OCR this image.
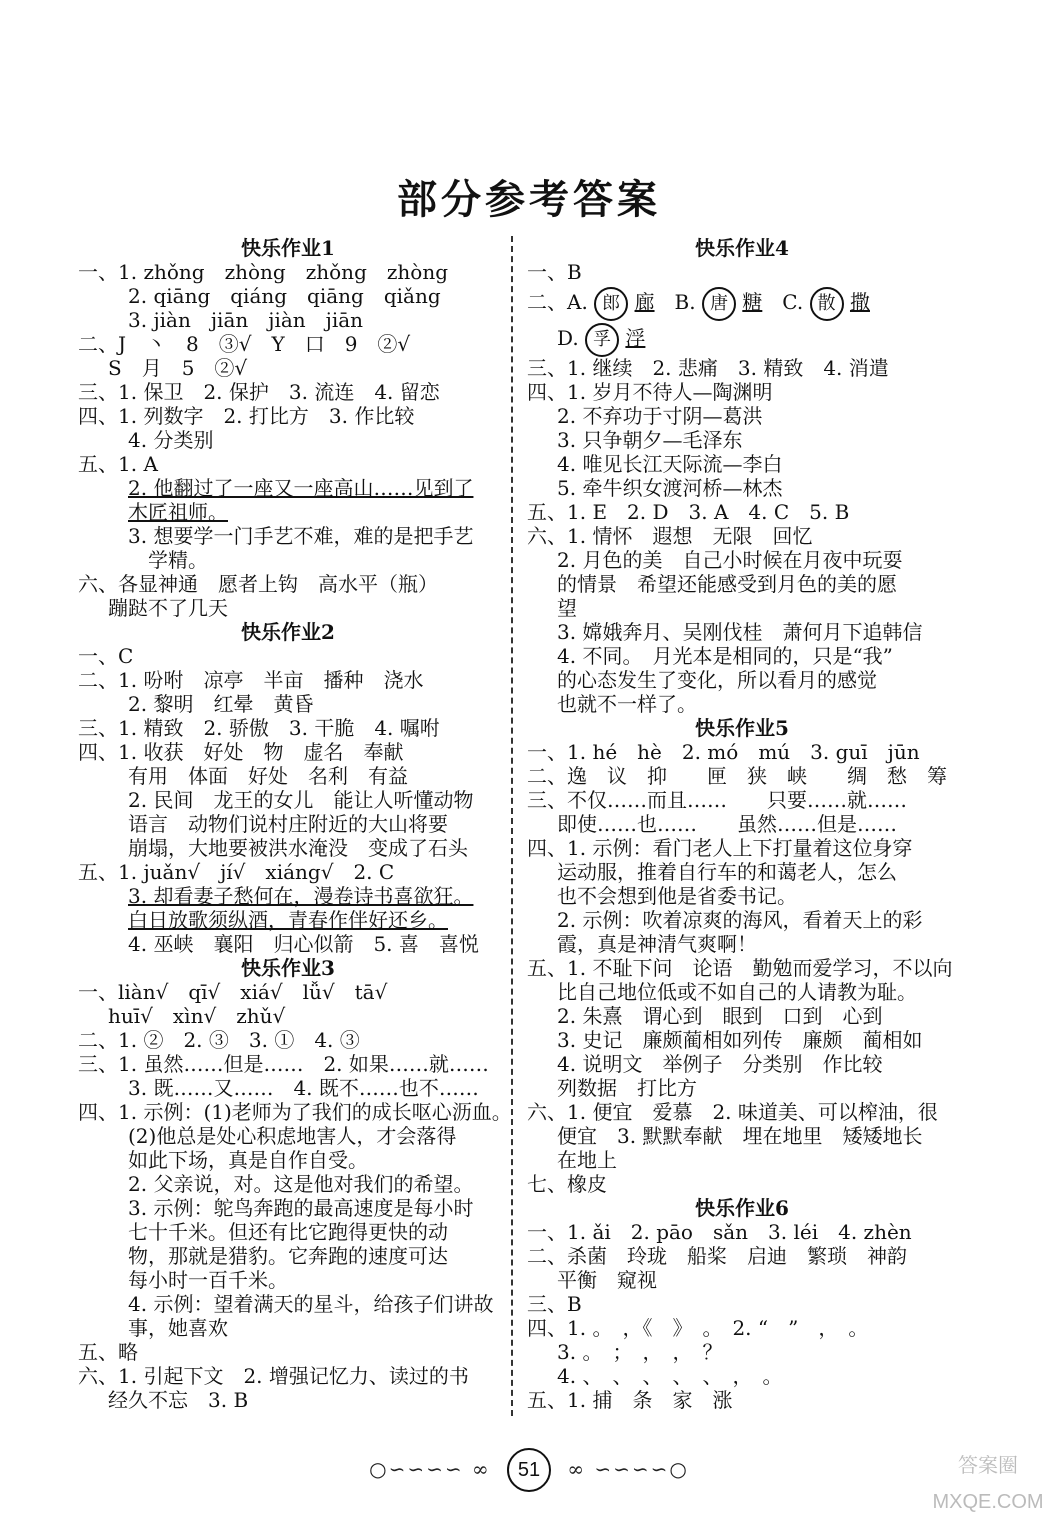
部分参考答案
快乐作业1
一、1. zhǒng　zhòng　zhǒng　zhòng
2. qiāng　qiáng　qiāng　qiǎng
3. jiàn　jiān　jiàn　jiān
二、J　丶　8　③√　Y　口　9　②√
S　月　5　②√
三、1. 保卫　2. 保护　3. 流连　4. 留恋
四、1. 列数字　2. 打比方　3. 作比较
4. 分类别
五、1. A
2. 他翻过了一座又一座高山……见到了
木匠祖师。
3. 想要学一门手艺不难，难的是把手艺
　学精。
六、各显神通　愿者上钩　高水平（瓶）
蹦跶不了几天
快乐作业2
一、C
二、1. 吩咐　凉亭　半亩　播种　浇水
2. 黎明　红晕　黄昏
三、1. 精致　2. 骄傲　3. 干脆　4. 嘱咐
四、1. 收获　好处　物　虚名　奉献
有用　体面　好处　名利　有益
2. 民间　龙王的女儿　能让人听懂动物
语言　动物们说村庄附近的大山将要
崩塌，大地要被洪水淹没　变成了石头
五、1. juǎn√　jí√　xiáng√　2. C
3. 却看妻子愁何在，漫卷诗书喜欲狂。
白日放歌须纵酒，青春作伴好还乡。
4. 巫峡　襄阳　归心似箭　5. 喜　喜悦
快乐作业3
一、liàn√　qī√　xiá√　lǚ√　tā√
huī√　xìn√　zhǔ√
二、1. ②　2. ③　3. ①　4. ③
三、1. 虽然……但是……　2. 如果……就……
3. 既……又……　4. 既不……也不……
四、1. 示例：(1)老师为了我们的成长呕心沥血。
(2)他总是处心积虑地害人，才会落得
如此下场，真是自作自受。
2. 父亲说，对。这是他对我们的希望。
3. 示例：鸵鸟奔跑的最高速度是每小时
七十千米。但还有比它跑得更快的动
物，那就是猎豹。它奔跑的速度可达
每小时一百千米。
4. 示例：望着满天的星斗，给孩子们讲故
事，她喜欢
五、略
六、1. 引起下文　2. 增强记忆力、读过的书
经久不忘　3. B
快乐作业4
一、B
二、A. 郎 廊　B. 唐 糖　C. 散 撒
D. 孚 浮
三、1. 继续　2. 悲痛　3. 精致　4. 消遣
四、1. 岁月不待人—陶渊明
2. 不弃功于寸阴—葛洪
3. 只争朝夕—毛泽东
4. 唯见长江天际流—李白
5. 牵牛织女渡河桥—林杰
五、1. E　2. D　3. A　4. C　5. B
六、1. 情怀　遐想　无限　回忆
2. 月色的美　自己小时候在月夜中玩耍
的情景　希望还能感受到月色的美的愿
望
3. 嫦娥奔月、吴刚伐桂　萧何月下追韩信
4. 不同。　月光本是相同的，只是“我”
的心态发生了变化，所以看月的感觉
也就不一样了。
快乐作业5
一、1. hé　hè　2. mó　mú　3. guī　jūn
二、逸　议　抑　　匣　狭　峡　　绸　愁　筹
三、不仅……而且……　　只要……就……
即使……也……　　虽然……但是……
四、1. 示例：看门老人上下打量着这位身穿
运动服，推着自行车的和蔼老人，怎么
也不会想到他是省委书记。
2. 示例：吹着凉爽的海风，看着天上的彩
霞，真是神清气爽啊！
五、1. 不耻下问　论语　勤勉而爱学习，不以向
比自己地位低或不如自己的人请教为耻。
2. 朱熹　谓心到　眼到　口到　心到
3. 史记　廉颇蔺相如列传　廉颇　蔺相如
4. 说明文　举例子　分类别　作比较
列数据　打比方
六、1. 便宜　爱慕　2. 味道美、可以榨油，很
便宜　3. 默默奉献　埋在地里　矮矮地长
在地上
七、橡皮
快乐作业6
一、1. ǎi　2. pāo　sǎn　3. léi　4. zhèn
二、杀菌　玲珑　船桨　启迪　繁琐　神韵
平衡　窥视
三、B
四、1. 。　，《　》　。　2. “　”　，　。
3. 。　；　，　，　？
4. 、　、　、　、　、　，　。
五、1. 捕　条　家　涨
○∽∽∽∽ ∞ 51 ∞ ∽∽∽∽○	答案圈 MXQE.COM
